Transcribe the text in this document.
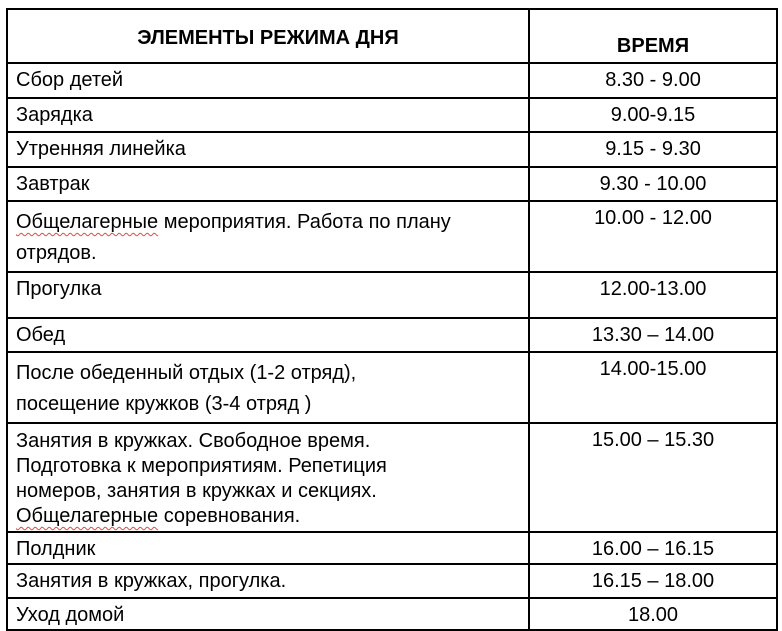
ЭЛЕМЕНТЫ РЕЖИМА ДНЯ	ВРЕМЯ
Сбор детей	8.30 - 9.00
Зарядка	9.00-9.15
Утренняя линейка	9.15 - 9.30
Завтрак	9.30 - 10.00

Общелагерные мероприятия. Работа по плану
отрядов.	10.00 - 12.00
Прогулка	12.00-13.00
Обед	13.30 – 14.00

После обеденный отдых (1-2 отряд),
посещение кружков (3-4 отряд )	14.00-15.00

Занятия в кружках. Свободное время.
Подготовка к мероприятиям. Репетиция
номеров, занятия в кружках и секциях.
Общелагерные соревнования.	15.00 – 15.30
Полдник	16.00 – 16.15
Занятия в кружках, прогулка.	16.15 – 18.00
Уход домой	18.00
